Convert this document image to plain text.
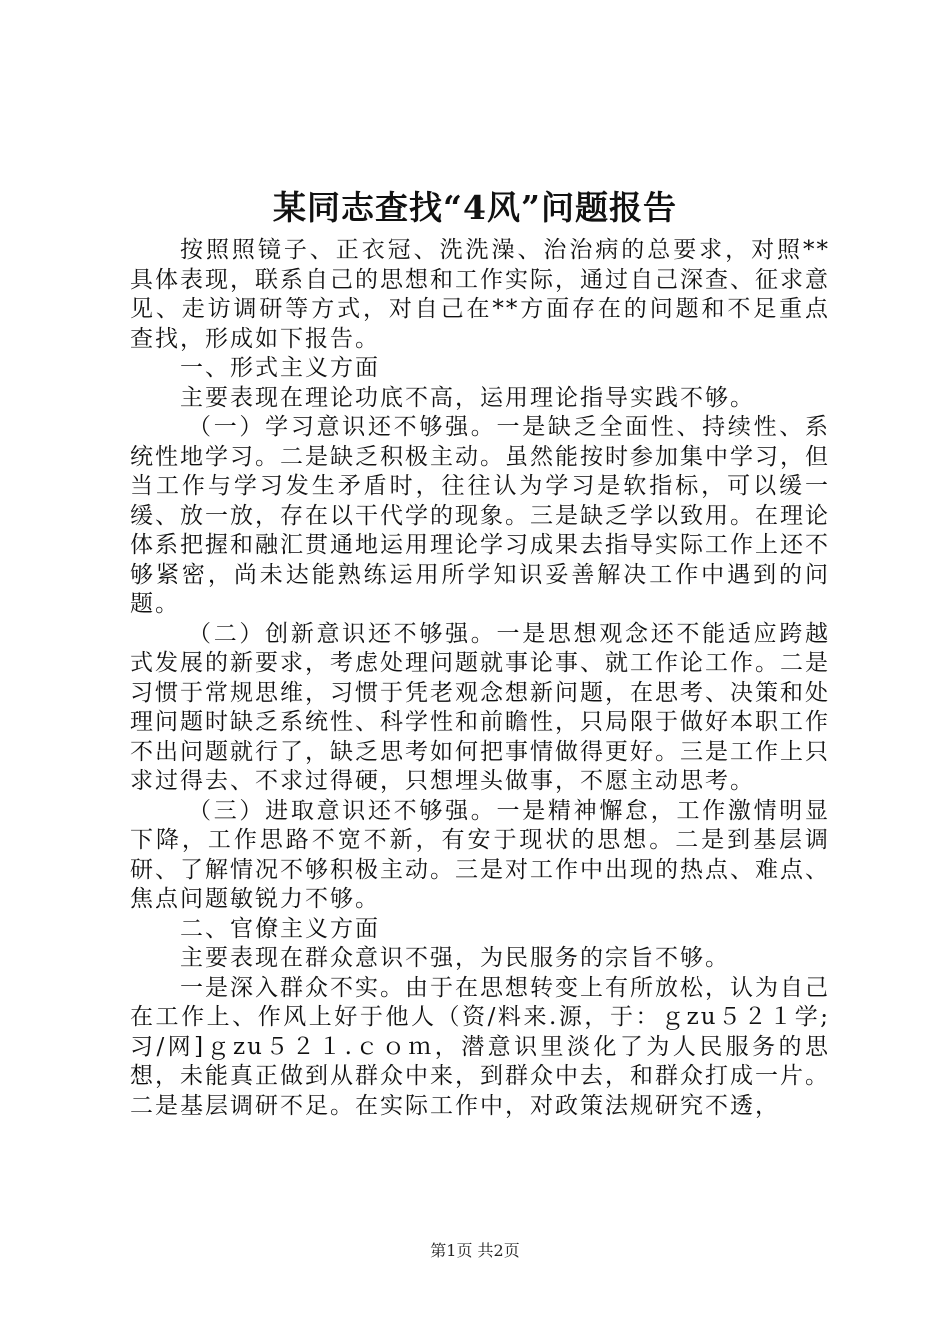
某同志查找“4风”问题报告

按照照镜子、正衣冠、洗洗澡、治治病的总要求，对照**具体表现，联系自己的思想和工作实际，通过自己深查、征求意见、走访调研等方式，对自己在**方面存在的问题和不足重点查找，形成如下报告。

一、形式主义方面

主要表现在理论功底不高，运用理论指导实践不够。

（一）学习意识还不够强。一是缺乏全面性、持续性、系统性地学习。二是缺乏积极主动。虽然能按时参加集中学习，但当工作与学习发生矛盾时，往往认为学习是软指标，可以缓一缓、放一放，存在以干代学的现象。三是缺乏学以致用。在理论体系把握和融汇贯通地运用理论学习成果去指导实际工作上还不够紧密，尚未达能熟练运用所学知识妥善解决工作中遇到的问题。

（二）创新意识还不够强。一是思想观念还不能适应跨越式发展的新要求，考虑处理问题就事论事、就工作论工作。二是习惯于常规思维，习惯于凭老观念想新问题，在思考、决策和处理问题时缺乏系统性、科学性和前瞻性，只局限于做好本职工作不出问题就行了，缺乏思考如何把事情做得更好。三是工作上只求过得去、不求过得硬，只想埋头做事，不愿主动思考。

（三）进取意识还不够强。一是精神懈怠，工作激情明显下降，工作思路不宽不新，有安于现状的思想。二是到基层调研、了解情况不够积极主动。三是对工作中出现的热点、难点、焦点问题敏锐力不够。

二、官僚主义方面

主要表现在群众意识不强，为民服务的宗旨不够。

一是深入群众不实。由于在思想转变上有所放松，认为自己在工作上、作风上好于他人（资/料来.源，于：ｇzu５２１学;习/网]ｇzu５２１.ｃｏｍ，潜意识里淡化了为人民服务的思想，未能真正做到从群众中来，到群众中去，和群众打成一片。二是基层调研不足。在实际工作中，对政策法规研究不透，

第1页 共2页
